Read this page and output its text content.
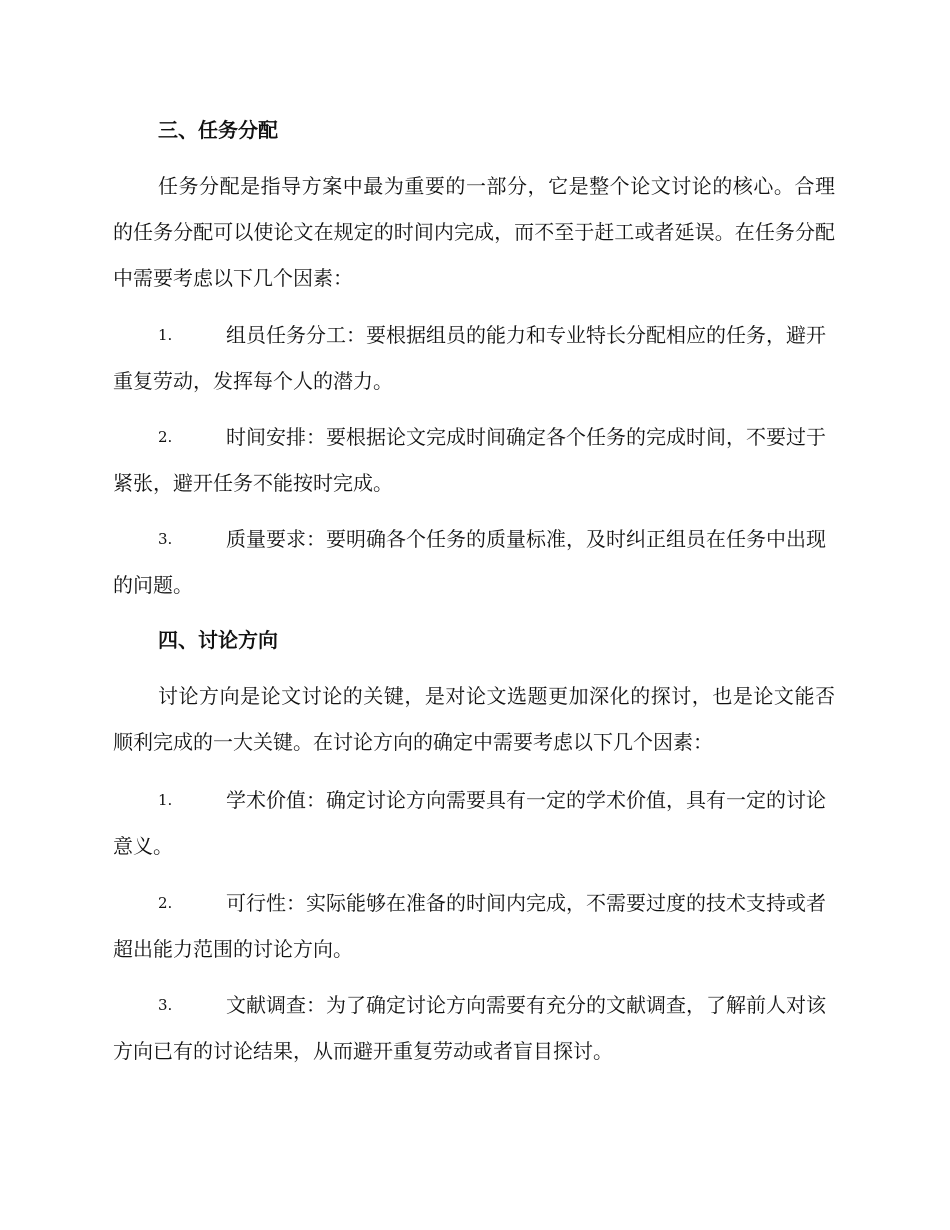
三、任务分配
任务分配是指导方案中最为重要的一部分，它是整个论文讨论的核心。合理的任务分配可以使论文在规定的时间内完成，而不至于赶工或者延误。在任务分配中需要考虑以下几个因素：
1.	组员任务分工：要根据组员的能力和专业特长分配相应的任务，避开重复劳动，发挥每个人的潜力。
2.	时间安排：要根据论文完成时间确定各个任务的完成时间，不要过于紧张，避开任务不能按时完成。
3.	质量要求：要明确各个任务的质量标准，及时纠正组员在任务中出现的问题。
四、讨论方向
讨论方向是论文讨论的关键，是对论文选题更加深化的探讨，也是论文能否顺利完成的一大关键。在讨论方向的确定中需要考虑以下几个因素：
1.	学术价值：确定讨论方向需要具有一定的学术价值，具有一定的讨论意义。
2.	可行性：实际能够在准备的时间内完成，不需要过度的技术支持或者超出能力范围的讨论方向。
3.	文献调查：为了确定讨论方向需要有充分的文献调查，了解前人对该方向已有的讨论结果，从而避开重复劳动或者盲目探讨。
